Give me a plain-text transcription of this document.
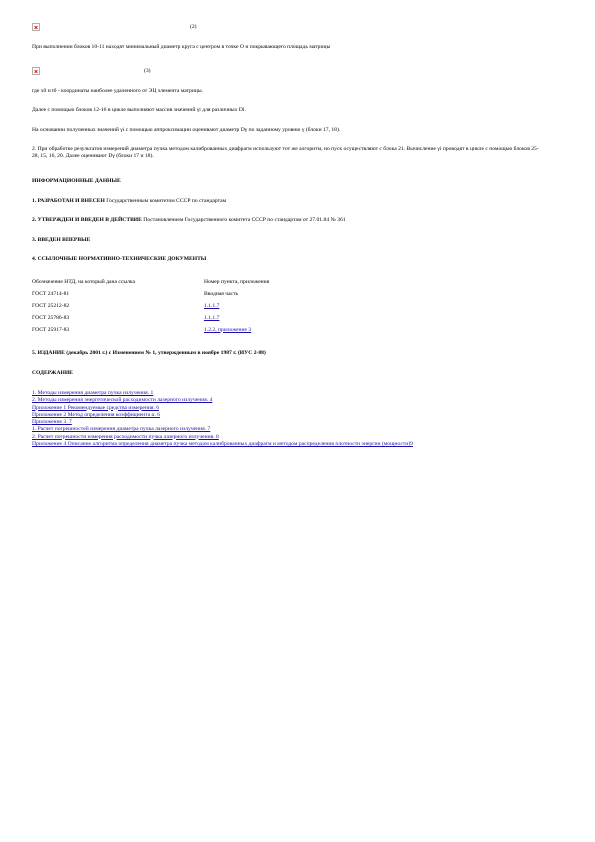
(2)
При выполнении блоков 10-11 находят минимальный диаметр круга с центром в точке О и покрывающего площадь матрицы
(3)
где х0 и t0 - координаты наиболее удаленного от ЭЦ элемента матрицы.
Далее с помощью блоков 12-16 в цикле выполняют массив значений γi для различных Di.
На основании полученных значений γi с помощью аппроксимации оценивают диаметр Dγ по заданному уровню γ (блоки 17, 18).
2. При обработке результатов измерений диаметра пучка методом калиброванных диафрагм используют тот же алгоритм, но пуск осуществляют с блока 21. Вычисление γi проводят в цикле с помощью блоков 25-28, 15, 16, 20. Далее оценивают Dγ (блоки 17 и 18).
ИНФОРМАЦИОННЫЕ ДАННЫЕ
1. РАЗРАБОТАН И ВНЕСЕН Государственным комитетом СССР по стандартам
2. УТВЕРЖДЕН И ВВЕДЕН В ДЕЙСТВИЕ Постановлением Государственного комитета СССР по стандартам от 27.01.84 № 361
3. ВВЕДЕН ВПЕРВЫЕ
4. ССЫЛОЧНЫЕ НОРМАТИВНО-ТЕХНИЧЕСКИЕ ДОКУМЕНТЫ
Обозначение НТД, на который дана ссылка	Номер пункта, приложения
ГОСТ 24714-81	Вводная часть
ГОСТ 25212-82	1.1.1.7
ГОСТ 25786-83	1.1.1.7
ГОСТ 25917-83	1.2.2, приложение 3
5. ИЗДАНИЕ (декабрь 2001 г.) с Изменением № 1, утвержденным в ноябре 1987 г. (ИУС 2-88)
СОДЕРЖАНИЕ
1. Методы измерения диаметра пучка излучения. 1
2. Методы измерения энергетической расходимости лазерного излучения. 4
Приложение 1 Рекомендуемые средства измерения. 6
Приложение 2 Метод определения коэффициента α. 6
Приложение 3. 7
1. Расчет погрешностей измерения диаметра пучка лазерного излучения. 7
2. Расчет погрешности измерения расходимости пучка лазерного излучения. 8
Приложение 4 Описание алгоритма определения диаметра пучка методом калиброванных диафрагм и методом распределения плотности энергии (мощности)9
